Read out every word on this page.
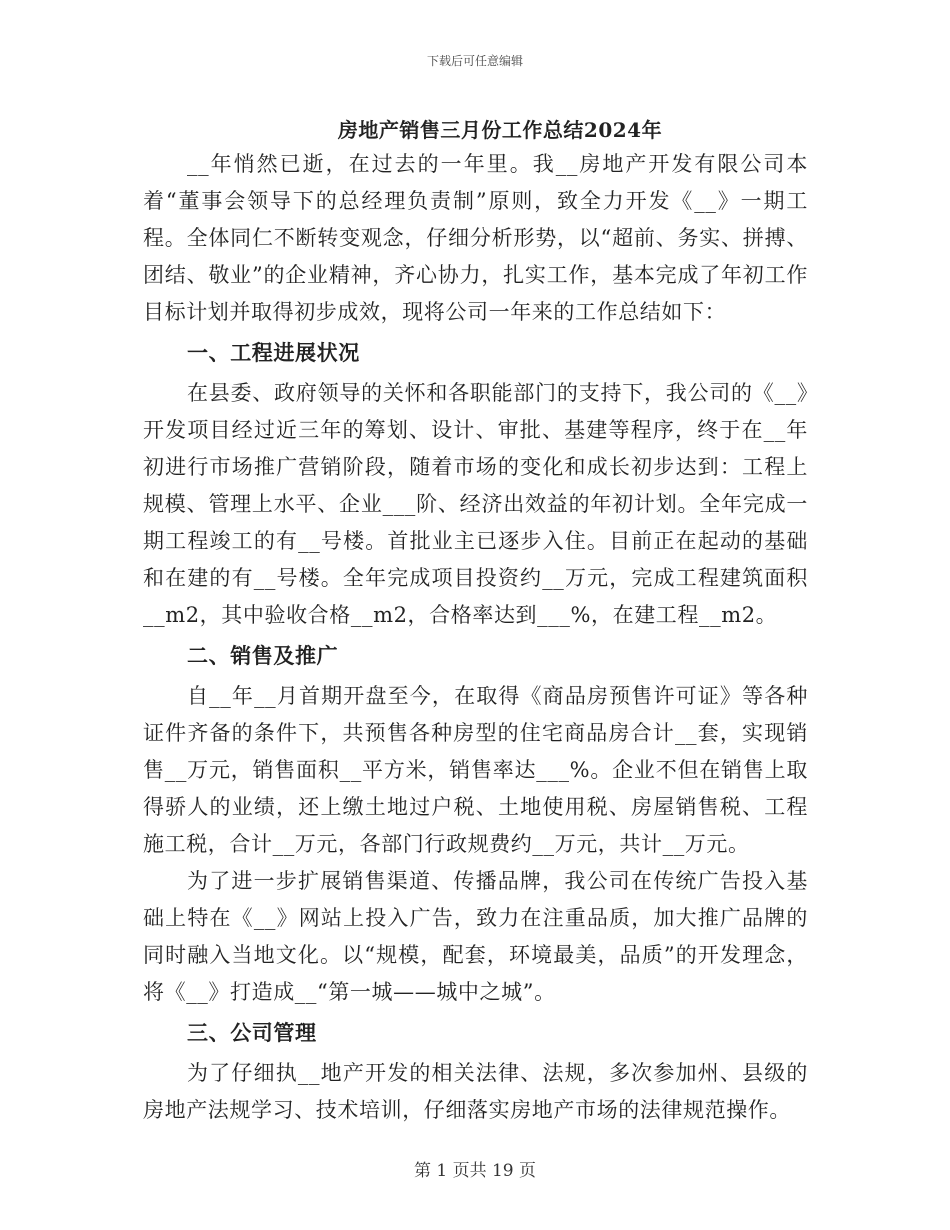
下载后可任意编辑
房地产销售三月份工作总结2024年

__年悄然已逝，在过去的一年里。我__房地产开发有限公司本着“董事会领导下的总经理负责制”原则，致全力开发《__》一期工程。全体同仁不断转变观念，仔细分析形势，以“超前、务实、拼搏、团结、敬业”的企业精神，齐心协力，扎实工作，基本完成了年初工作目标计划并取得初步成效，现将公司一年来的工作总结如下：

一、工程进展状况

在县委、政府领导的关怀和各职能部门的支持下，我公司的《__》开发项目经过近三年的筹划、设计、审批、基建等程序，终于在__年初进行市场推广营销阶段，随着市场的变化和成长初步达到：工程上规模、管理上水平、企业___阶、经济出效益的年初计划。全年完成一期工程竣工的有__号楼。首批业主已逐步入住。目前正在起动的基础和在建的有__号楼。全年完成项目投资约__万元，完成工程建筑面积__m2，其中验收合格__m2，合格率达到___%，在建工程__m2。

二、销售及推广

自__年__月首期开盘至今，在取得《商品房预售许可证》等各种证件齐备的条件下，共预售各种房型的住宅商品房合计__套，实现销售__万元，销售面积__平方米，销售率达___%。企业不但在销售上取得骄人的业绩，还上缴土地过户税、土地使用税、房屋销售税、工程施工税，合计__万元，各部门行政规费约__万元，共计__万元。

为了进一步扩展销售渠道、传播品牌，我公司在传统广告投入基础上特在《__》网站上投入广告，致力在注重品质，加大推广品牌的同时融入当地文化。以“规模，配套，环境最美，品质”的开发理念，将《__》打造成__“第一城——城中之城”。

三、公司管理

为了仔细执__地产开发的相关法律、法规，多次参加州、县级的房地产法规学习、技术培训，仔细落实房地产市场的法律规范操作。

第 1 页共 19 页
